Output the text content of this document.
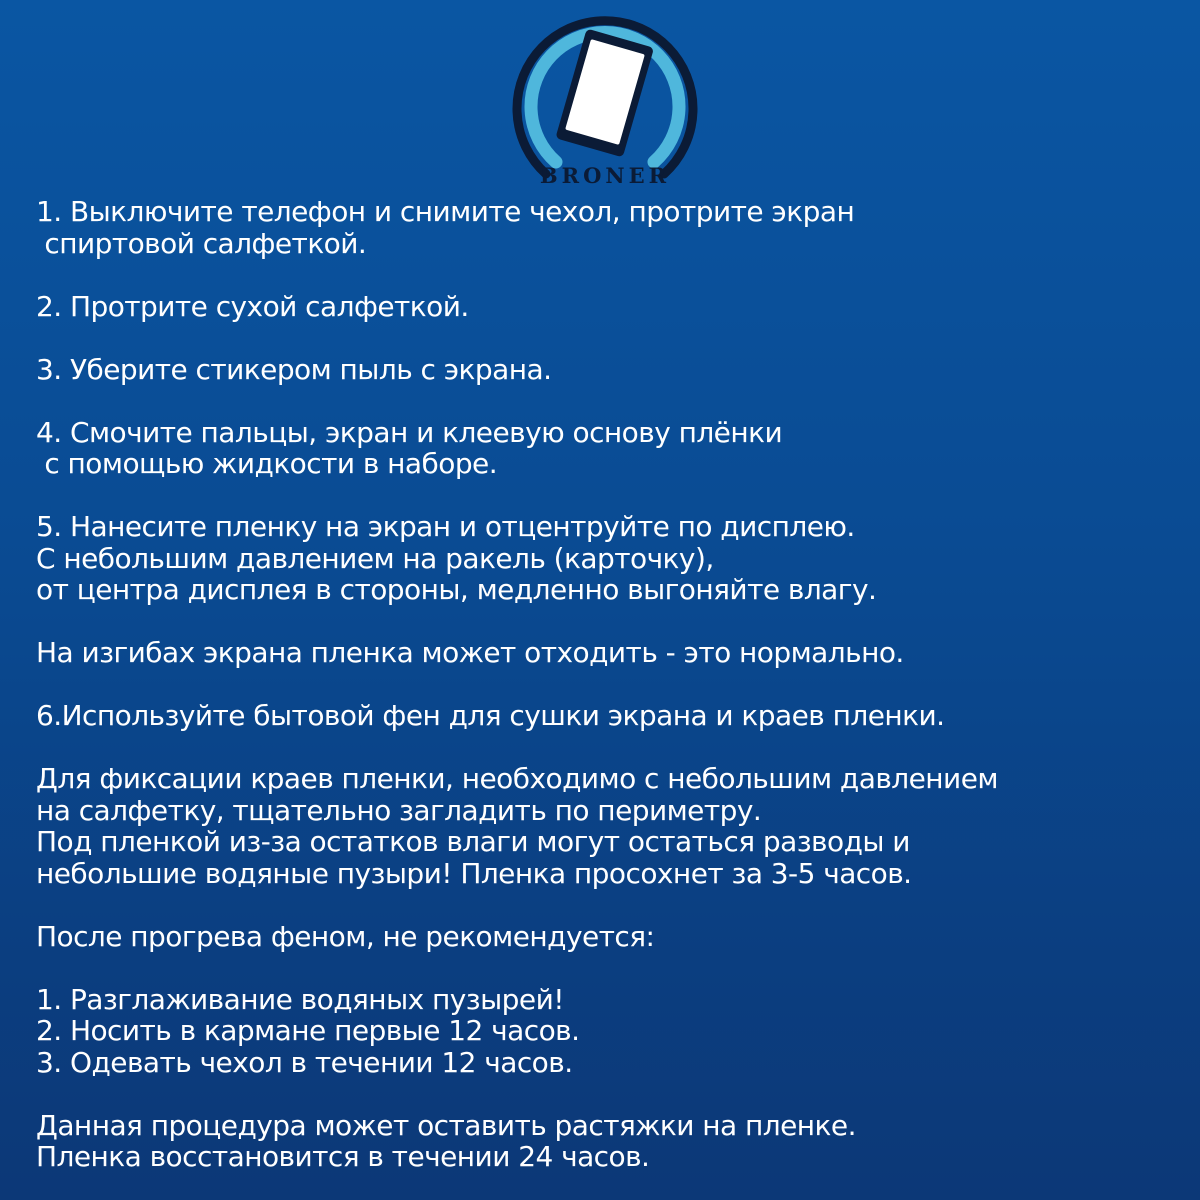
BRONER
1. Выключите телефон и снимите чехол, протрите экран
спиртовой салфеткой.
2. Протрите сухой салфеткой.
3. Уберите стикером пыль с экрана.
4. Смочите пальцы, экран и клеевую основу плёнки
с помощью жидкости в наборе.
5. Нанесите пленку на экран и отцентруйте по дисплею.
С небольшим давлением на ракель (карточку),
от центра дисплея в стороны, медленно выгоняйте влагу.
На изгибах экрана пленка может отходить - это нормально.
6.Используйте бытовой фен для сушки экрана и краев пленки.
Для фиксации краев пленки, необходимо с небольшим давлением
на салфетку, тщательно загладить по периметру.
Под пленкой из-за остатков влаги могут остаться разводы и
небольшие водяные пузыри! Пленка просохнет за 3-5 часов.
После прогрева феном, не рекомендуется:
1. Разглаживание водяных пузырей!
2. Носить в кармане первые 12 часов.
3. Одевать чехол в течении 12 часов.
Данная процедура может оставить растяжки на пленке.
Пленка восстановится в течении 24 часов.
